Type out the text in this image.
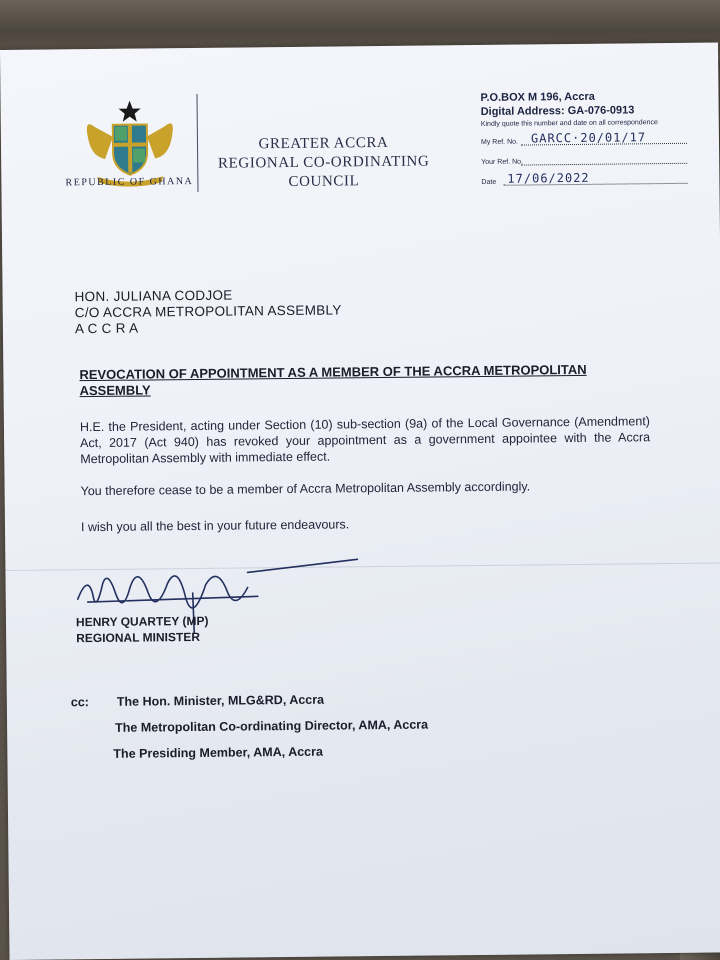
REPUBLIC OF GHANA
GREATER ACCRA
REGIONAL CO-ORDINATING
COUNCIL
P.O.BOX M 196, Accra
Digital Address: GA-076-0913
Kindly quote this number and date on all correspondence
My Ref. No. GARCC·20/01/17
Your Ref. No.
Date 17/06/2022
HON. JULIANA CODJOE
C/O ACCRA METROPOLITAN ASSEMBLY
A C C R A
REVOCATION OF APPOINTMENT AS A MEMBER OF THE ACCRA METROPOLITAN ASSEMBLY
H.E. the President, acting under Section (10) sub-section (9a) of the Local Governance (Amendment) Act, 2017 (Act 940) has revoked your appointment as a government appointee with the Accra Metropolitan Assembly with immediate effect.
You therefore cease to be a member of Accra Metropolitan Assembly accordingly.
I wish you all the best in your future endeavours.
HENRY QUARTEY (MP)
REGIONAL MINISTER
cc: The Hon. Minister, MLG&RD, Accra
The Metropolitan Co-ordinating Director, AMA, Accra
The Presiding Member, AMA, Accra
